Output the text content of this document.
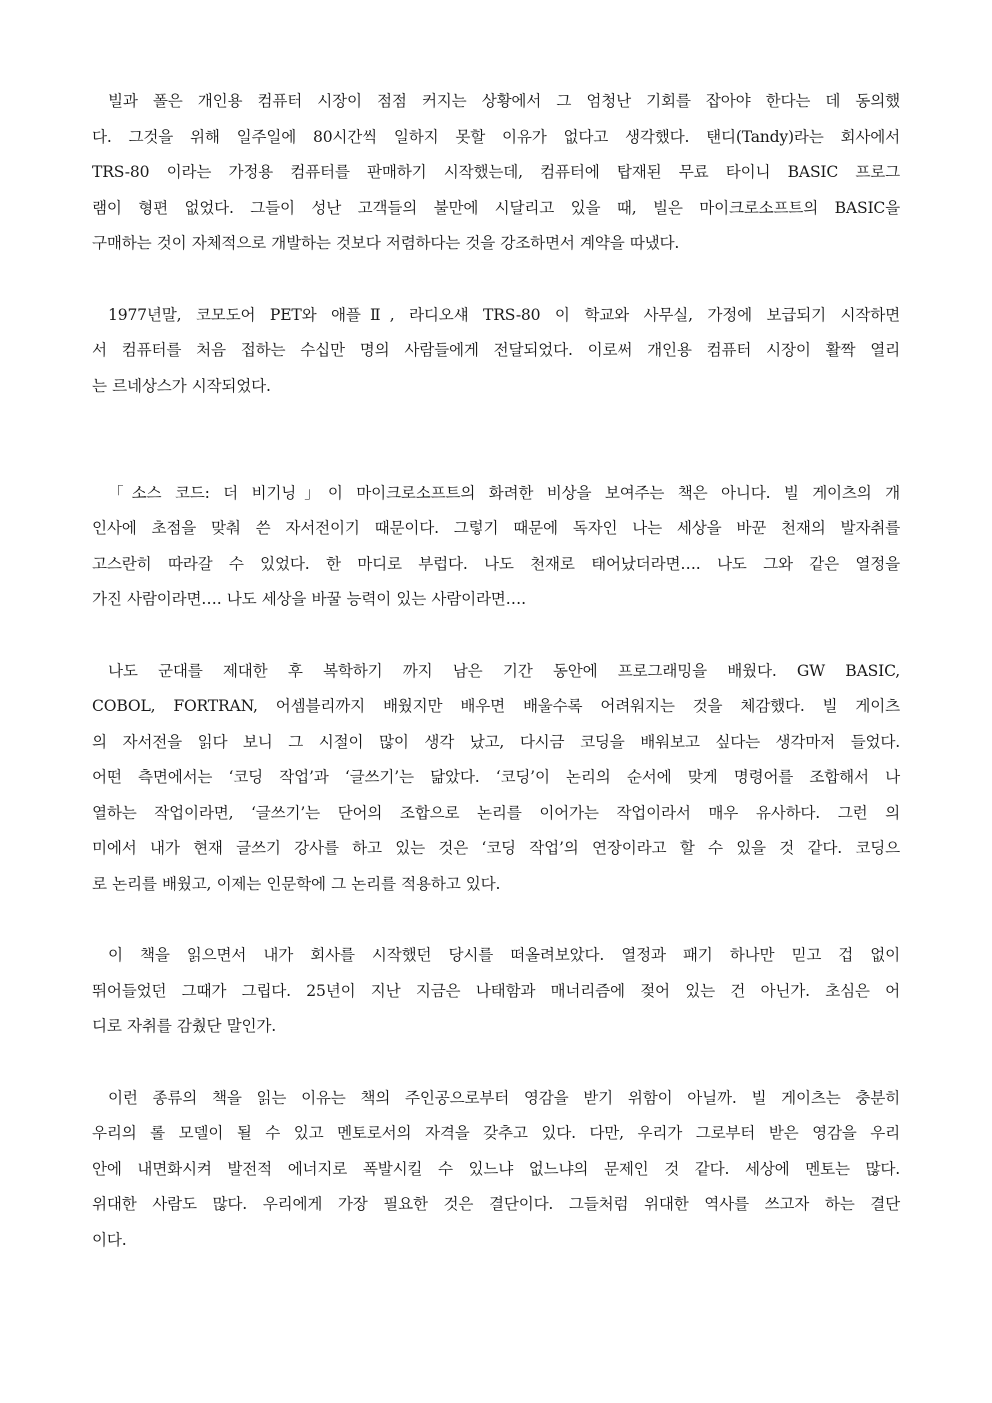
빌과 폴은 개인용 컴퓨터 시장이 점점 커지는 상황에서 그 엄청난 기회를 잡아야 한다는 데 동의했
다. 그것을 위해 일주일에 80시간씩 일하지 못할 이유가 없다고 생각했다. 탠디(Tandy)라는 회사에서
TRS-80 이라는 가정용 컴퓨터를 판매하기 시작했는데, 컴퓨터에 탑재된 무료 타이니 BASIC 프로그
램이 형편 없었다. 그들이 성난 고객들의 불만에 시달리고 있을 때, 빌은 마이크로소프트의 BASIC을
구매하는 것이 자체적으로 개발하는 것보다 저렴하다는 것을 강조하면서 계약을 따냈다.
1977년말, 코모도어 PET와 애플Ⅱ, 라디오섀 TRS-80 이 학교와 사무실, 가정에 보급되기 시작하면
서 컴퓨터를 처음 접하는 수십만 명의 사람들에게 전달되었다. 이로써 개인용 컴퓨터 시장이 활짝 열리
는 르네상스가 시작되었다.
「소스 코드: 더 비기닝」이 마이크로소프트의 화려한 비상을 보여주는 책은 아니다. 빌 게이츠의 개
인사에 초점을 맞춰 쓴 자서전이기 때문이다. 그렇기 때문에 독자인 나는 세상을 바꾼 천재의 발자취를
고스란히 따라갈 수 있었다. 한 마디로 부럽다. 나도 천재로 태어났더라면…. 나도 그와 같은 열정을
가진 사람이라면…. 나도 세상을 바꿀 능력이 있는 사람이라면….
나도 군대를 제대한 후 복학하기 까지 남은 기간 동안에 프로그래밍을 배웠다. GW BASIC,
COBOL, FORTRAN, 어셈블리까지 배웠지만 배우면 배울수록 어려워지는 것을 체감했다. 빌 게이츠
의 자서전을 읽다 보니 그 시절이 많이 생각 났고, 다시금 코딩을 배워보고 싶다는 생각마저 들었다.
어떤 측면에서는 ‘코딩 작업’과 ‘글쓰기’는 닮았다. ‘코딩’이 논리의 순서에 맞게 명령어를 조합해서 나
열하는 작업이라면, ‘글쓰기’는 단어의 조합으로 논리를 이어가는 작업이라서 매우 유사하다. 그런 의
미에서 내가 현재 글쓰기 강사를 하고 있는 것은 ‘코딩 작업’의 연장이라고 할 수 있을 것 같다. 코딩으
로 논리를 배웠고, 이제는 인문학에 그 논리를 적용하고 있다.
이 책을 읽으면서 내가 회사를 시작했던 당시를 떠올려보았다. 열정과 패기 하나만 믿고 겁 없이
뛰어들었던 그때가 그립다. 25년이 지난 지금은 나태함과 매너리즘에 젖어 있는 건 아닌가. 초심은 어
디로 자취를 감췄단 말인가.
이런 종류의 책을 읽는 이유는 책의 주인공으로부터 영감을 받기 위함이 아닐까. 빌 게이츠는 충분히
우리의 롤 모델이 될 수 있고 멘토로서의 자격을 갖추고 있다. 다만, 우리가 그로부터 받은 영감을 우리
안에 내면화시켜 발전적 에너지로 폭발시킬 수 있느냐 없느냐의 문제인 것 같다. 세상에 멘토는 많다.
위대한 사람도 많다. 우리에게 가장 필요한 것은 결단이다. 그들처럼 위대한 역사를 쓰고자 하는 결단
이다.
